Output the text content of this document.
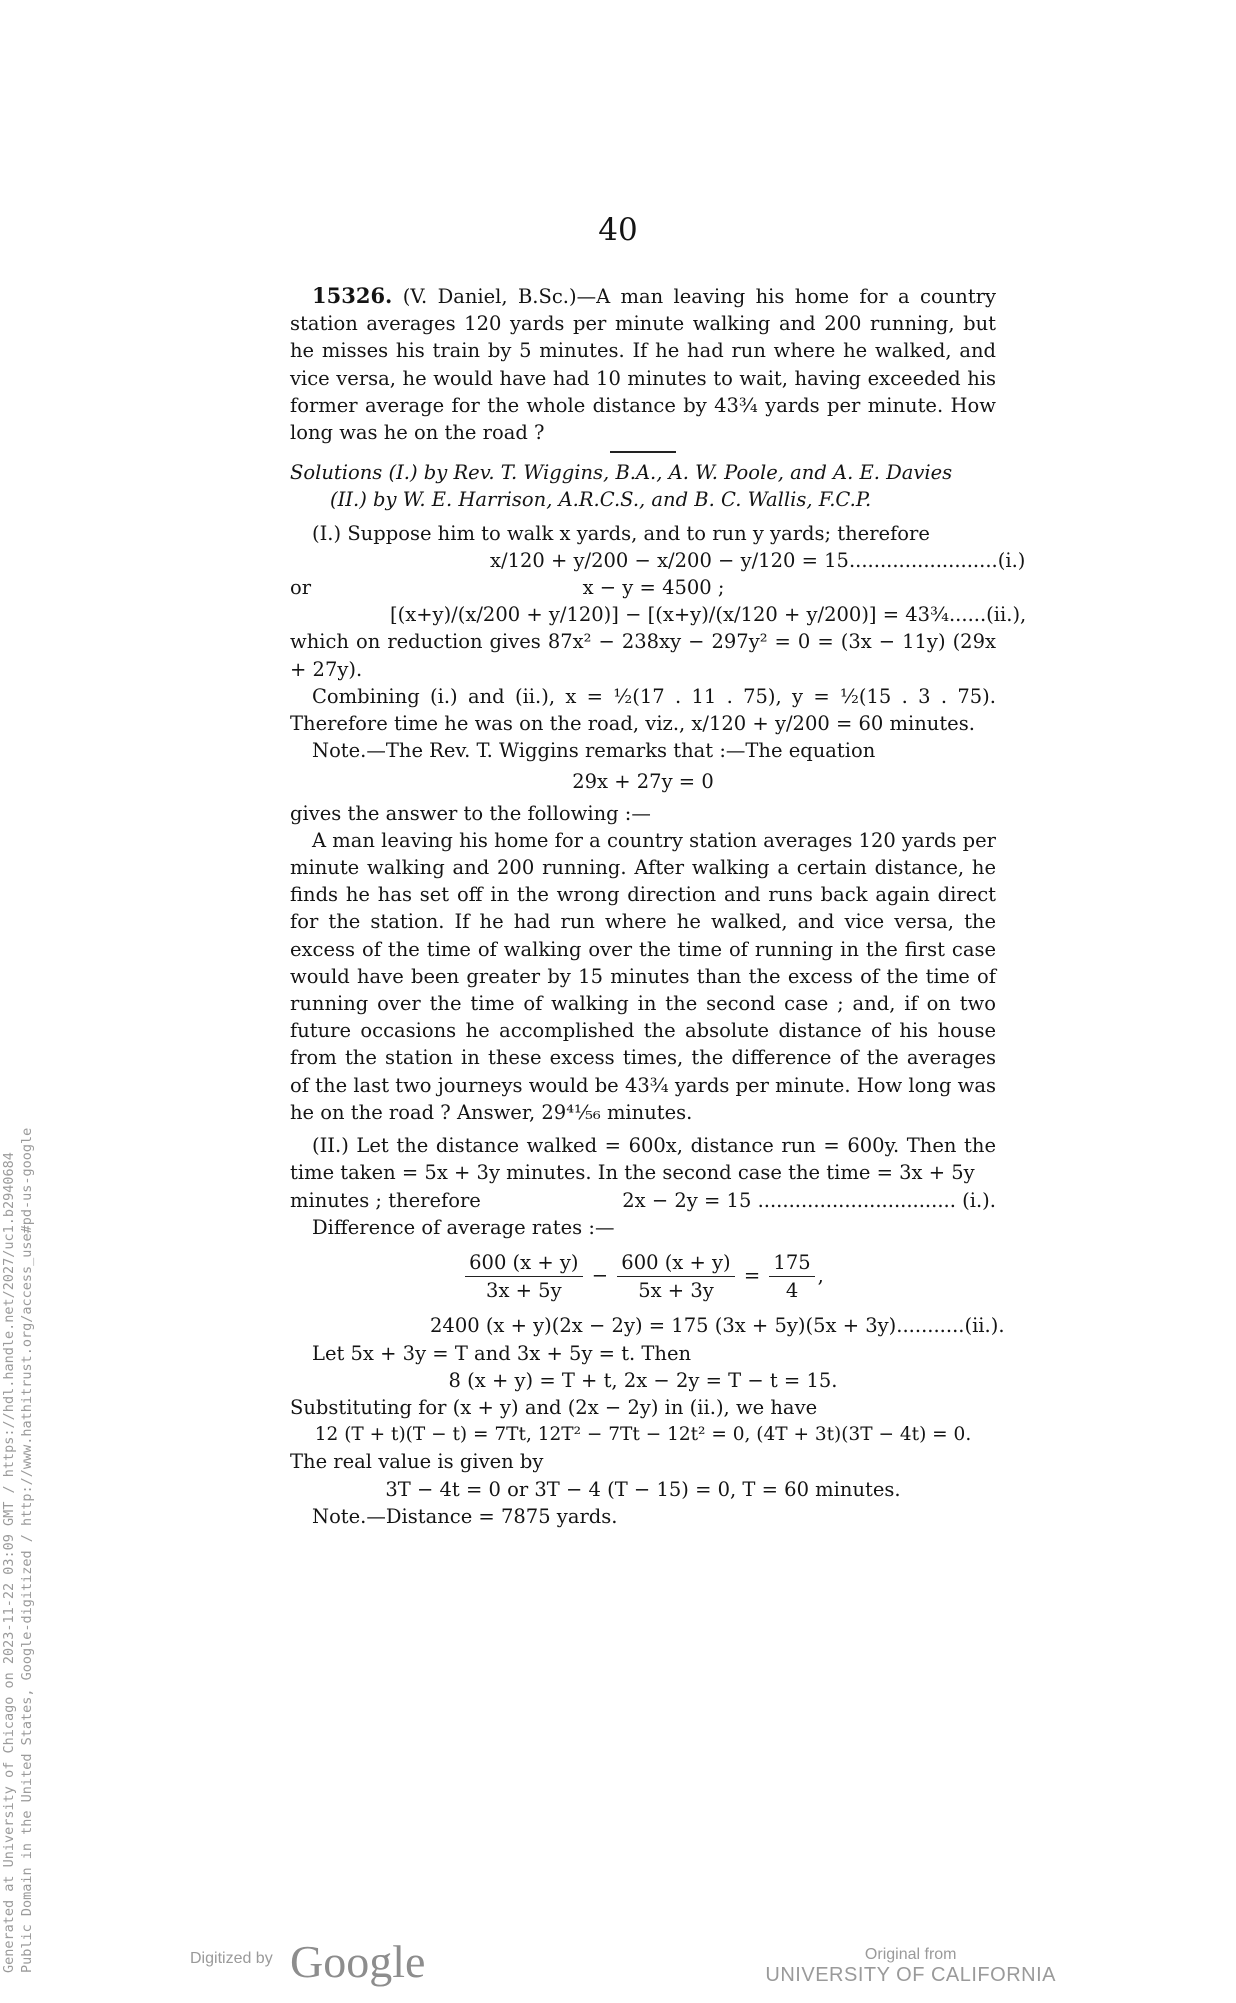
40

15326. (V. Daniel, B.Sc.)—A man leaving his home for a country station averages 120 yards per minute walking and 200 running, but he misses his train by 5 minutes. If he had run where he walked, and vice versa, he would have had 10 minutes to wait, having exceeded his former average for the whole distance by 43¾ yards per minute. How long was he on the road ?

Solutions (I.) by Rev. T. Wiggins, B.A., A. W. Poole, and A. E. Davies

(II.) by W. E. Harrison, A.R.C.S., and B. C. Wallis, F.C.P.

(I.) Suppose him to walk x yards, and to run y yards; therefore

x/120 + y/200 − x/200 − y/120 = 15 ........................(i.)
or	x − y = 4500 ;
[(x+y)/(x/200 + y/120)] − [(x+y)/(x/120 + y/200)] = 43¾ ......(ii.),

which on reduction gives 87x² − 238xy − 297y² = 0 = (3x − 11y) (29x + 27y).

Combining (i.) and (ii.), x = ½(17 . 11 . 75), y = ½(15 . 3 . 75). Therefore time he was on the road, viz., x/120 + y/200 = 60 minutes.

Note.—The Rev. T. Wiggins remarks that :—The equation

29x + 27y = 0

gives the answer to the following :—

A man leaving his home for a country station averages 120 yards per minute walking and 200 running. After walking a certain distance, he finds he has set off in the wrong direction and runs back again direct for the station. If he had run where he walked, and vice versa, the excess of the time of walking over the time of running in the first case would have been greater by 15 minutes than the excess of the time of running over the time of walking in the second case ; and, if on two future occasions he accomplished the absolute distance of his house from the station in these excess times, the difference of the averages of the last two journeys would be 43¾ yards per minute. How long was he on the road ? Answer, 29⁴¹⁄₅₆ minutes.

(II.) Let the distance walked = 600x, distance run = 600y. Then the time taken = 5x + 3y minutes. In the second case the time = 3x + 5y

minutes ; therefore	2x − 2y = 15 ................................ (i.).

Difference of average rates :—

$\frac{600 (x + y)}{3x + 5y} - \frac{600 (x + y)}{5x + 3y} = \frac{175}{4}$ ,
2400 (x + y)(2x − 2y) = 175 (3x + 5y)(5x + 3y) ...........(ii.).

Let 5x + 3y = T and 3x + 5y = t. Then

8 (x + y) = T + t, 2x − 2y = T − t = 15.

Substituting for (x + y) and (2x − 2y) in (ii.), we have

12 (T + t)(T − t) = 7Tt, 12T² − 7Tt − 12t² = 0, (4T + 3t)(3T − 4t) = 0.

The real value is given by

3T − 4t = 0 or 3T − 4 (T − 15) = 0, T = 60 minutes.

Note.—Distance = 7875 yards.

Generated at University of Chicago on 2023-11-22 03:09 GMT / https://hdl.handle.net/2027/uc1.b2940684 Public Domain in the United States, Google-digitized / http://www.hathitrust.org/access_use#pd-us-google	Digitized by Google	Original from
UNIVERSITY OF CALIFORNIA
